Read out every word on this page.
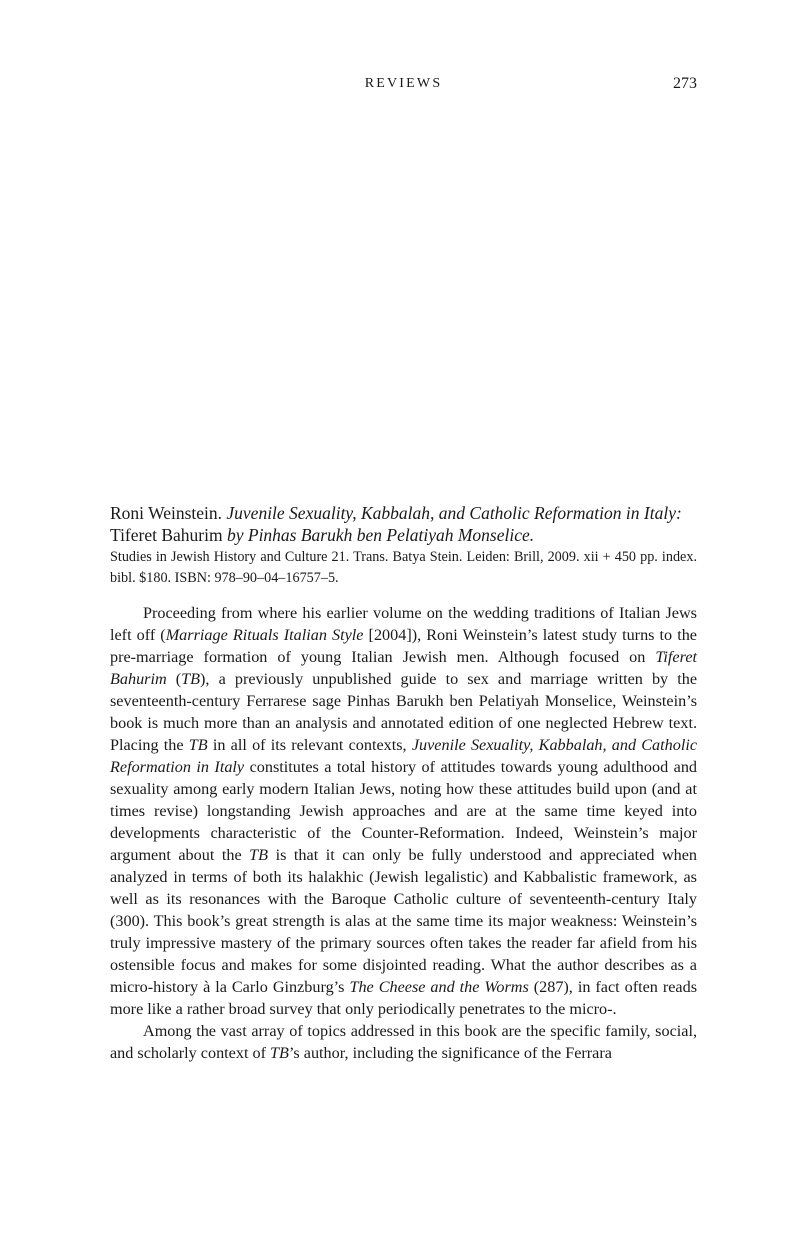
REVIEWS	273
Roni Weinstein. Juvenile Sexuality, Kabbalah, and Catholic Reformation in Italy: Tiferet Bahurim by Pinhas Barukh ben Pelatiyah Monselice.
Studies in Jewish History and Culture 21. Trans. Batya Stein. Leiden: Brill, 2009. xii + 450 pp. index. bibl. $180. ISBN: 978–90–04–16757–5.

Proceeding from where his earlier volume on the wedding traditions of Italian Jews left off (Marriage Rituals Italian Style [2004]), Roni Weinstein’s latest study turns to the pre-marriage formation of young Italian Jewish men. Although focused on Tiferet Bahurim (TB), a previously unpublished guide to sex and marriage written by the seventeenth-century Ferrarese sage Pinhas Barukh ben Pelatiyah Monselice, Weinstein’s book is much more than an analysis and annotated edition of one neglected Hebrew text. Placing the TB in all of its relevant contexts, Juvenile Sexuality, Kabbalah, and Catholic Reformation in Italy constitutes a total history of attitudes towards young adulthood and sexuality among early modern Italian Jews, noting how these attitudes build upon (and at times revise) longstanding Jewish approaches and are at the same time keyed into developments characteristic of the Counter-Reformation. Indeed, Weinstein’s major argument about the TB is that it can only be fully understood and appreciated when analyzed in terms of both its halakhic (Jewish legalistic) and Kabbalistic framework, as well as its resonances with the Baroque Catholic culture of seventeenth-century Italy (300). This book’s great strength is alas at the same time its major weakness: Weinstein’s truly impressive mastery of the primary sources often takes the reader far afield from his ostensible focus and makes for some disjointed reading. What the author describes as a micro-history à la Carlo Ginzburg’s The Cheese and the Worms (287), in fact often reads more like a rather broad survey that only periodically penetrates to the micro-.

Among the vast array of topics addressed in this book are the specific family, social, and scholarly context of TB’s author, including the significance of the Ferrara
